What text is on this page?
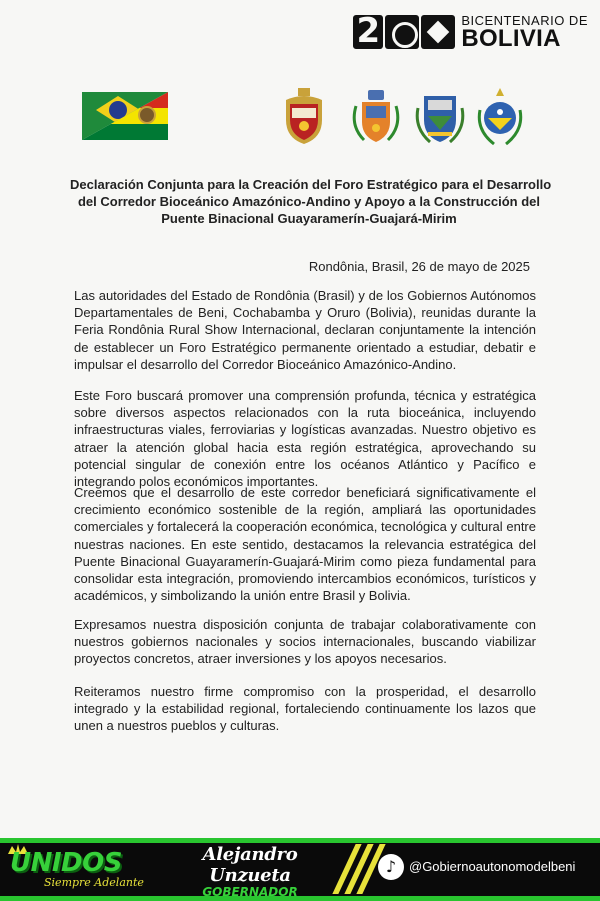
2
BICENTENARIO DE
BOLIVIA
Declaración Conjunta para la Creación del Foro Estratégico para el Desarrollo
del Corredor Bioceánico Amazónico-Andino y Apoyo a la Construcción del
Puente Binacional Guayaramerín-Guajará-Mirim
Rondônia, Brasil, 26 de mayo de 2025
Las autoridades del Estado de Rondônia (Brasil) y de los Gobiernos Autónomos Departamentales de Beni, Cochabamba y Oruro (Bolivia), reunidas durante la Feria Rondônia Rural Show Internacional, declaran conjuntamente la intención de establecer un Foro Estratégico permanente orientado a estudiar, debatir e impulsar el desarrollo del Corredor Bioceánico Amazónico-Andino.
Este Foro buscará promover una comprensión profunda, técnica y estratégica sobre diversos aspectos relacionados con la ruta bioceánica, incluyendo infraestructuras viales, ferroviarias y logísticas avanzadas. Nuestro objetivo es atraer la atención global hacia esta región estratégica, aprovechando su potencial singular de conexión entre los océanos Atlántico y Pacífico e integrando polos económicos importantes.
Creemos que el desarrollo de este corredor beneficiará significativamente el crecimiento económico sostenible de la región, ampliará las oportunidades comerciales y fortalecerá la cooperación económica, tecnológica y cultural entre nuestras naciones. En este sentido, destacamos la relevancia estratégica del Puente Binacional Guayaramerín-Guajará-Mirim como pieza fundamental para consolidar esta integración, promoviendo intercambios económicos, turísticos y académicos, y simbolizando la unión entre Brasil y Bolivia.
Expresamos nuestra disposición conjunta de trabajar colaborativamente con nuestros gobiernos nacionales y socios internacionales, buscando viabilizar proyectos concretos, atraer inversiones y los apoyos necesarios.
Reiteramos nuestro firme compromiso con la prosperidad, el desarrollo integrado y la estabilidad regional, fortaleciendo continuamente los lazos que unen a nuestros pueblos y culturas.
UNIDOS
Siempre Adelante
Alejandro Unzueta
GOBERNADOR
♪ @Gobiernoautonomodelbeni
